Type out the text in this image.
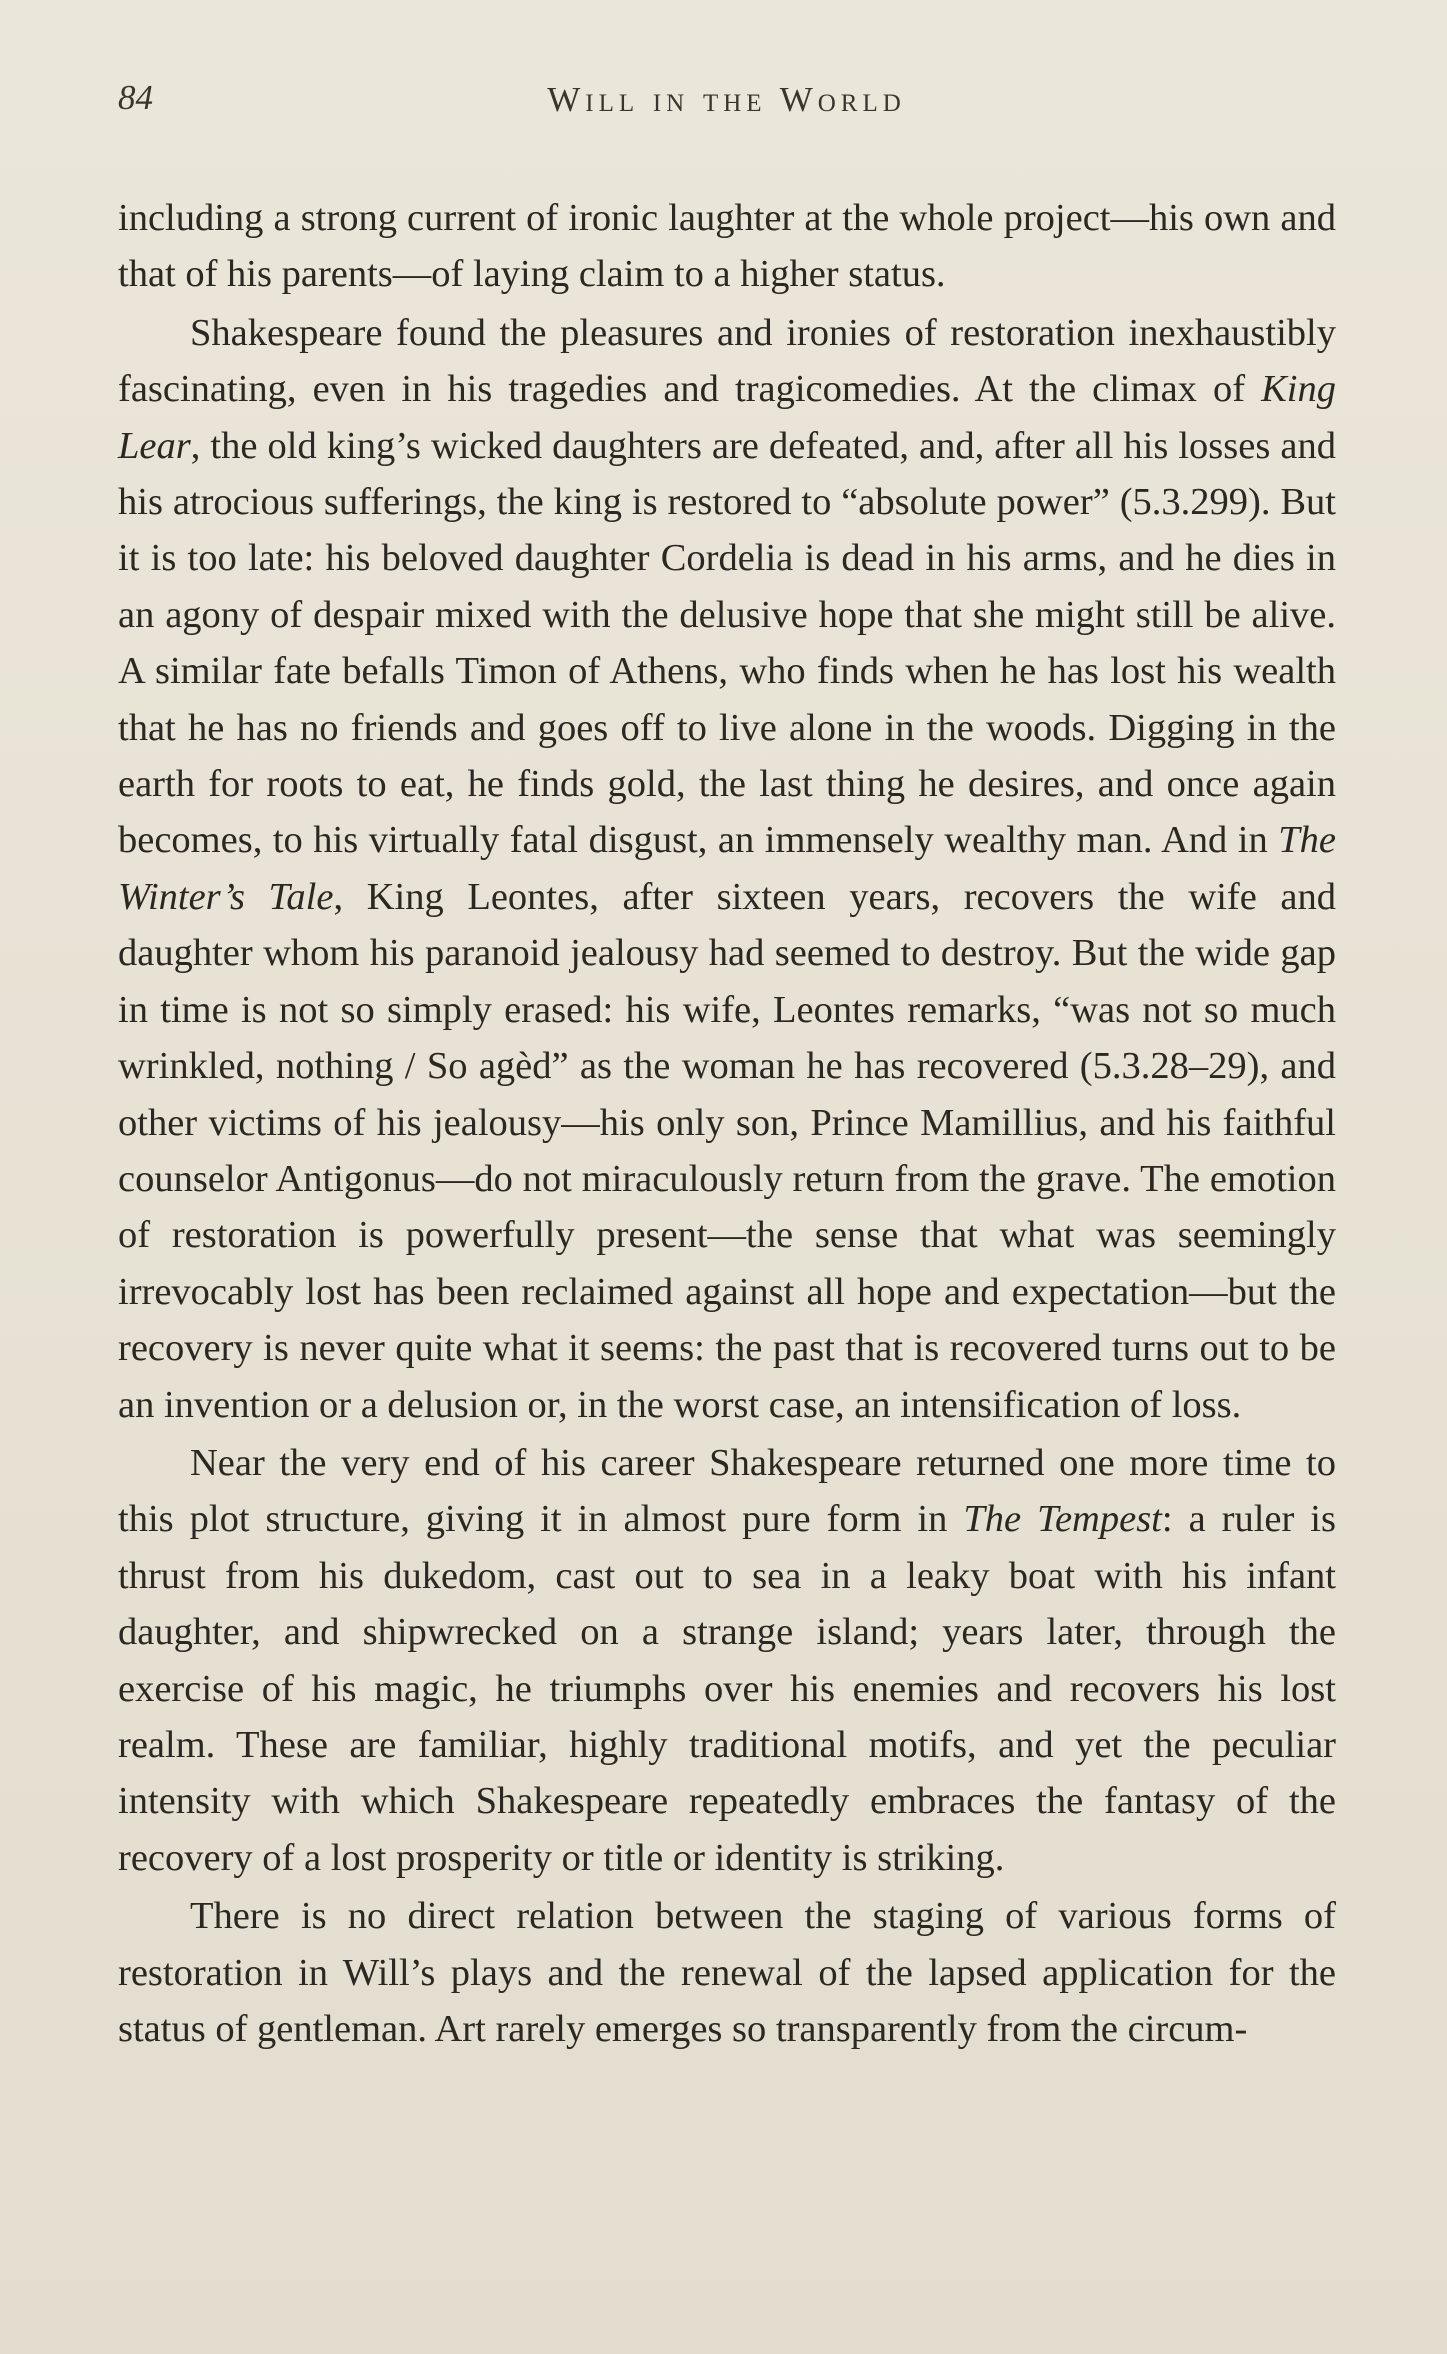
84	Will in the World

including a strong current of ironic laughter at the whole project—his own and that of his parents—of laying claim to a higher status.

Shakespeare found the pleasures and ironies of restoration inexhaustibly fascinating, even in his tragedies and tragicomedies. At the climax of King Lear, the old king’s wicked daughters are defeated, and, after all his losses and his atrocious sufferings, the king is restored to “absolute power” (5.3.299). But it is too late: his beloved daughter Cordelia is dead in his arms, and he dies in an agony of despair mixed with the delusive hope that she might still be alive. A similar fate befalls Timon of Athens, who finds when he has lost his wealth that he has no friends and goes off to live alone in the woods. Digging in the earth for roots to eat, he finds gold, the last thing he desires, and once again becomes, to his virtually fatal disgust, an immensely wealthy man. And in The Winter’s Tale, King Leontes, after sixteen years, recovers the wife and daughter whom his paranoid jealousy had seemed to destroy. But the wide gap in time is not so simply erased: his wife, Leontes remarks, “was not so much wrinkled, nothing / So agèd” as the woman he has recovered (5.3.28–29), and other victims of his jealousy—his only son, Prince Mamillius, and his faithful counselor Antigonus—do not miraculously return from the grave. The emotion of restoration is powerfully present—the sense that what was seemingly irrevocably lost has been reclaimed against all hope and expectation—but the recovery is never quite what it seems: the past that is recovered turns out to be an invention or a delusion or, in the worst case, an intensification of loss.

Near the very end of his career Shakespeare returned one more time to this plot structure, giving it in almost pure form in The Tempest: a ruler is thrust from his dukedom, cast out to sea in a leaky boat with his infant daughter, and shipwrecked on a strange island; years later, through the exercise of his magic, he triumphs over his enemies and recovers his lost realm. These are familiar, highly traditional motifs, and yet the peculiar intensity with which Shakespeare repeatedly embraces the fantasy of the recovery of a lost prosperity or title or identity is striking.

There is no direct relation between the staging of various forms of restoration in Will’s plays and the renewal of the lapsed application for the status of gentleman. Art rarely emerges so transparently from the circum-
